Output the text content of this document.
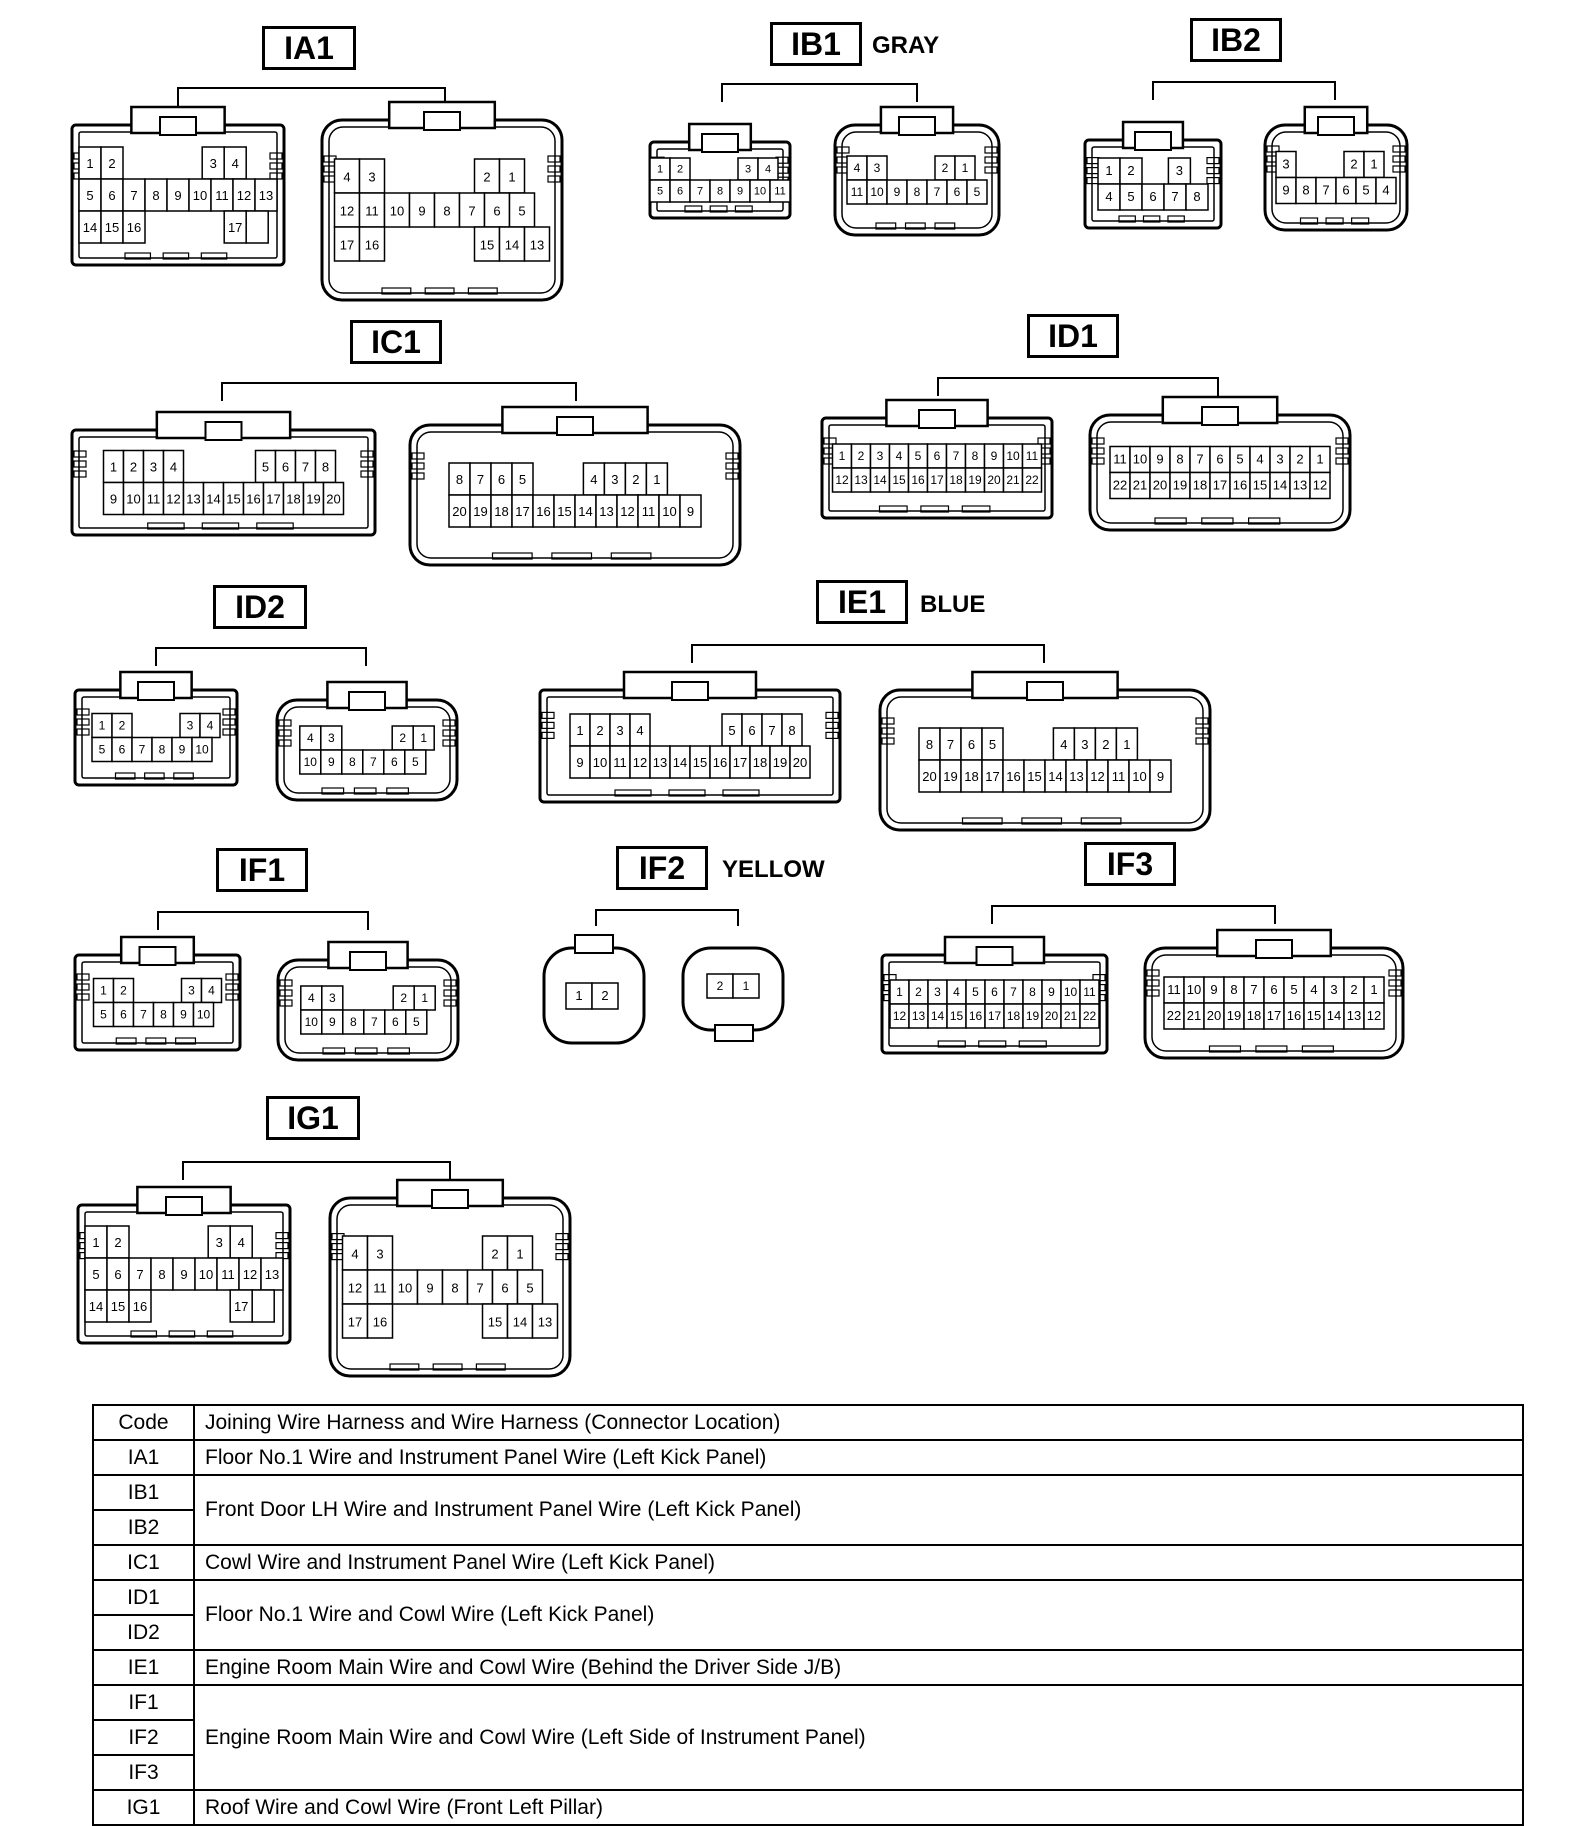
1 2	3 4
5 6 7 8 9 10 11 12 13
14 15 16	17
4 3	2 1
12 11 10 9 8 7 6 5
17 16	15 14 13
1 2	3 4
5 6 7 8 9 10 11
4 3	2 1
11 10 9 8 7 6 5
1 2	3
4 5 6 7 8
3	2 1
9 8 7 6 5 4
1 2 3 4	5 6 7 8
9 10 11 12 13 14 15 16 17 18 19 20
8 7 6 5	4 3 2 1
20 19 18 17 16 15 14 13 12 11 10 9
1 2 3 4 5 6 7 8 9 10 11
12 13 14 15 16 17 18 19 20 21 22
11 10 9 8 7 6 5 4 3 2 1
22 21 20 19 18 17 16 15 14 13 12
1 2	3 4
5 6 7 8 9 10
4 3	2 1
10 9 8 7 6 5
1 2 3 4	5 6 7 8
9 10 11 12 13 14 15 16 17 18 19 20
8 7 6 5	4 3 2 1
20 19 18 17 16 15 14 13 12 11 10 9
1 2	3 4
5 6 7 8 9 10
4 3	2 1
10 9 8 7 6 5
1 2
2 1	1 2 3 4 5 6 7 8 9 10 11
12 13 14 15 16 17 18 19 20 21 22
11 10 9 8 7 6 5 4 3 2 1
22 21 20 19 18 17 16 15 14 13 12
1 2	3 4
5 6 7 8 9 10 11 12 13
14 15 16	17
4 3	2 1
12 11 10 9 8 7 6 5
17 16	15 14 13
IA1	IB1	GRAY	IB2
IC1	ID1
ID2	IE1	BLUE
IF1	IF2	YELLOW	IF3
IG1
Code	Joining Wire Harness and Wire Harness (Connector Location)
IA1	Floor No.1 Wire and Instrument Panel Wire (Left Kick Panel)
IB1	Front Door LH Wire and Instrument Panel Wire (Left Kick Panel)
IB2	
IC1	Cowl Wire and Instrument Panel Wire (Left Kick Panel)
ID1	Floor No.1 Wire and Cowl Wire (Left Kick Panel)
ID2	
IE1	Engine Room Main Wire and Cowl Wire (Behind the Driver Side J/B)
IF1	Engine Room Main Wire and Cowl Wire (Left Side of Instrument Panel)
IF2	
IF3	
IG1	Roof Wire and Cowl Wire (Front Left Pillar)
